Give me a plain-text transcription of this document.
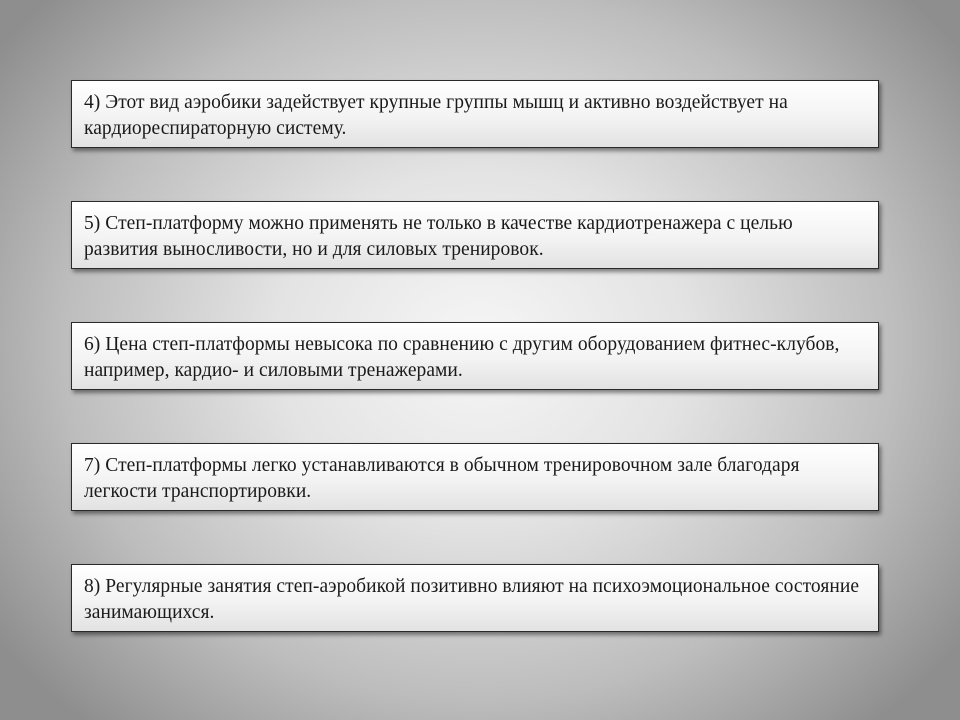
4) Этот вид аэробики задействует крупные группы мышц и активно воздействует на кардиореспираторную систему.
5) Степ-платформу можно применять не только в качестве кардиотренажера с целью развития выносливости, но и для силовых тренировок.
6) Цена степ-платформы невысока по сравнению с другим оборудованием фитнес-клубов, например, кардио- и силовыми тренажерами.
7) Степ-платформы легко устанавливаются в обычном тренировочном зале благодаря легкости транспортировки.
8) Регулярные занятия степ-аэробикой позитивно влияют на психоэмоциональное состояние занимающихся.
